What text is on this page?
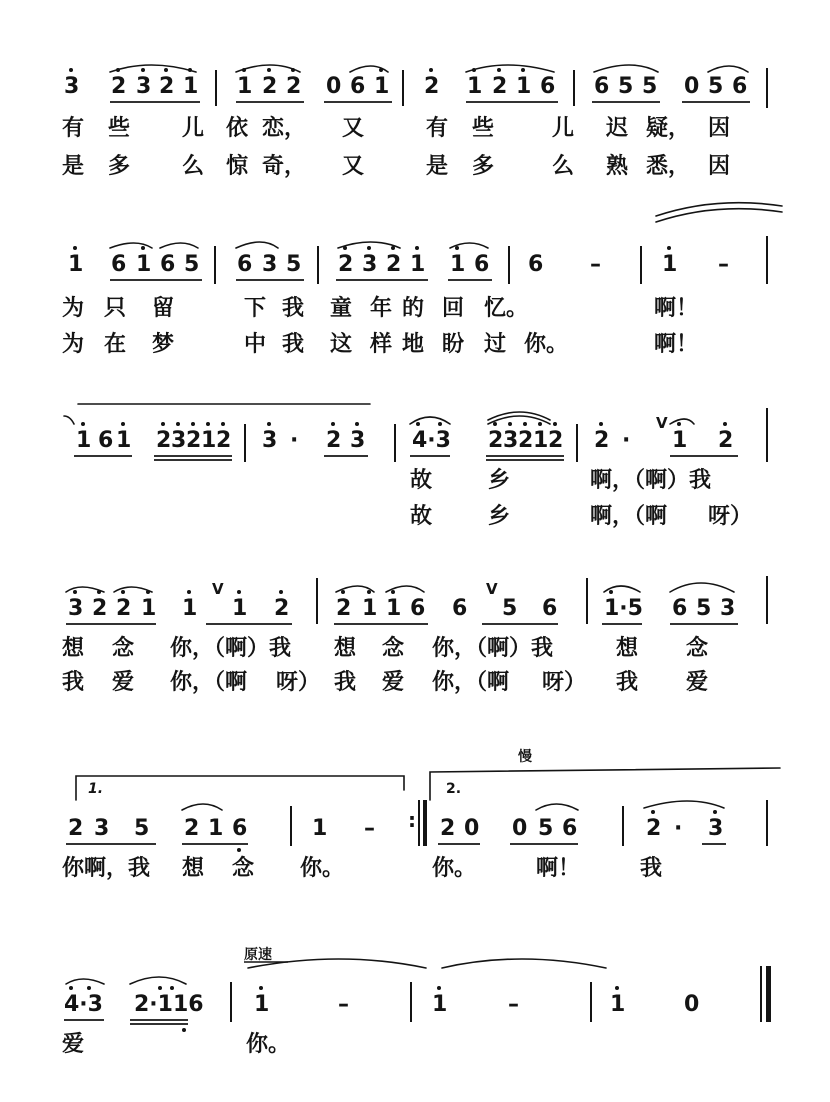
3 2 3 2 1 1 2 2 0 6 1 2 1 2 1 6 6 5 5 0 5 6
有 些 儿 依 恋， 又	有 些	儿 迟 疑， 因
是 多 么 惊 奇， 又	是 多	么 熟 悉， 因
1 6 1 6 5 6 3 5 2 3 2 1 1 6 6 –	1 –
为 只 留	下 我 童 年 的 回 忆。	啊！
为 在 梦	中 我 这 样 地 盼 过 你。	啊！
1 6 1 2 3 2 1 2 3 · 2 3 4·3 2 3 2 1 2 2 ·
V
1 2
故	乡	啊，（啊）我
故	乡	啊，（啊 呀）
3 2 2 1 1
V
1 2 2 1 1 6 6
V
5 6 1·5 6 5 3
想 念 你，（啊）我 想 念 你，（啊）我	想 念
我 爱 你，（啊 呀） 我 爱 你，（啊 呀） 我 爱
慢
1.	2.
2 3 5 2 1 6	1 – : 2 0 0 5 6	2 · 3
你啊，我 想 念 你。	你。	啊！	我
原速
4·3 2·116 1	–	1	–	1	0
爱	你。
